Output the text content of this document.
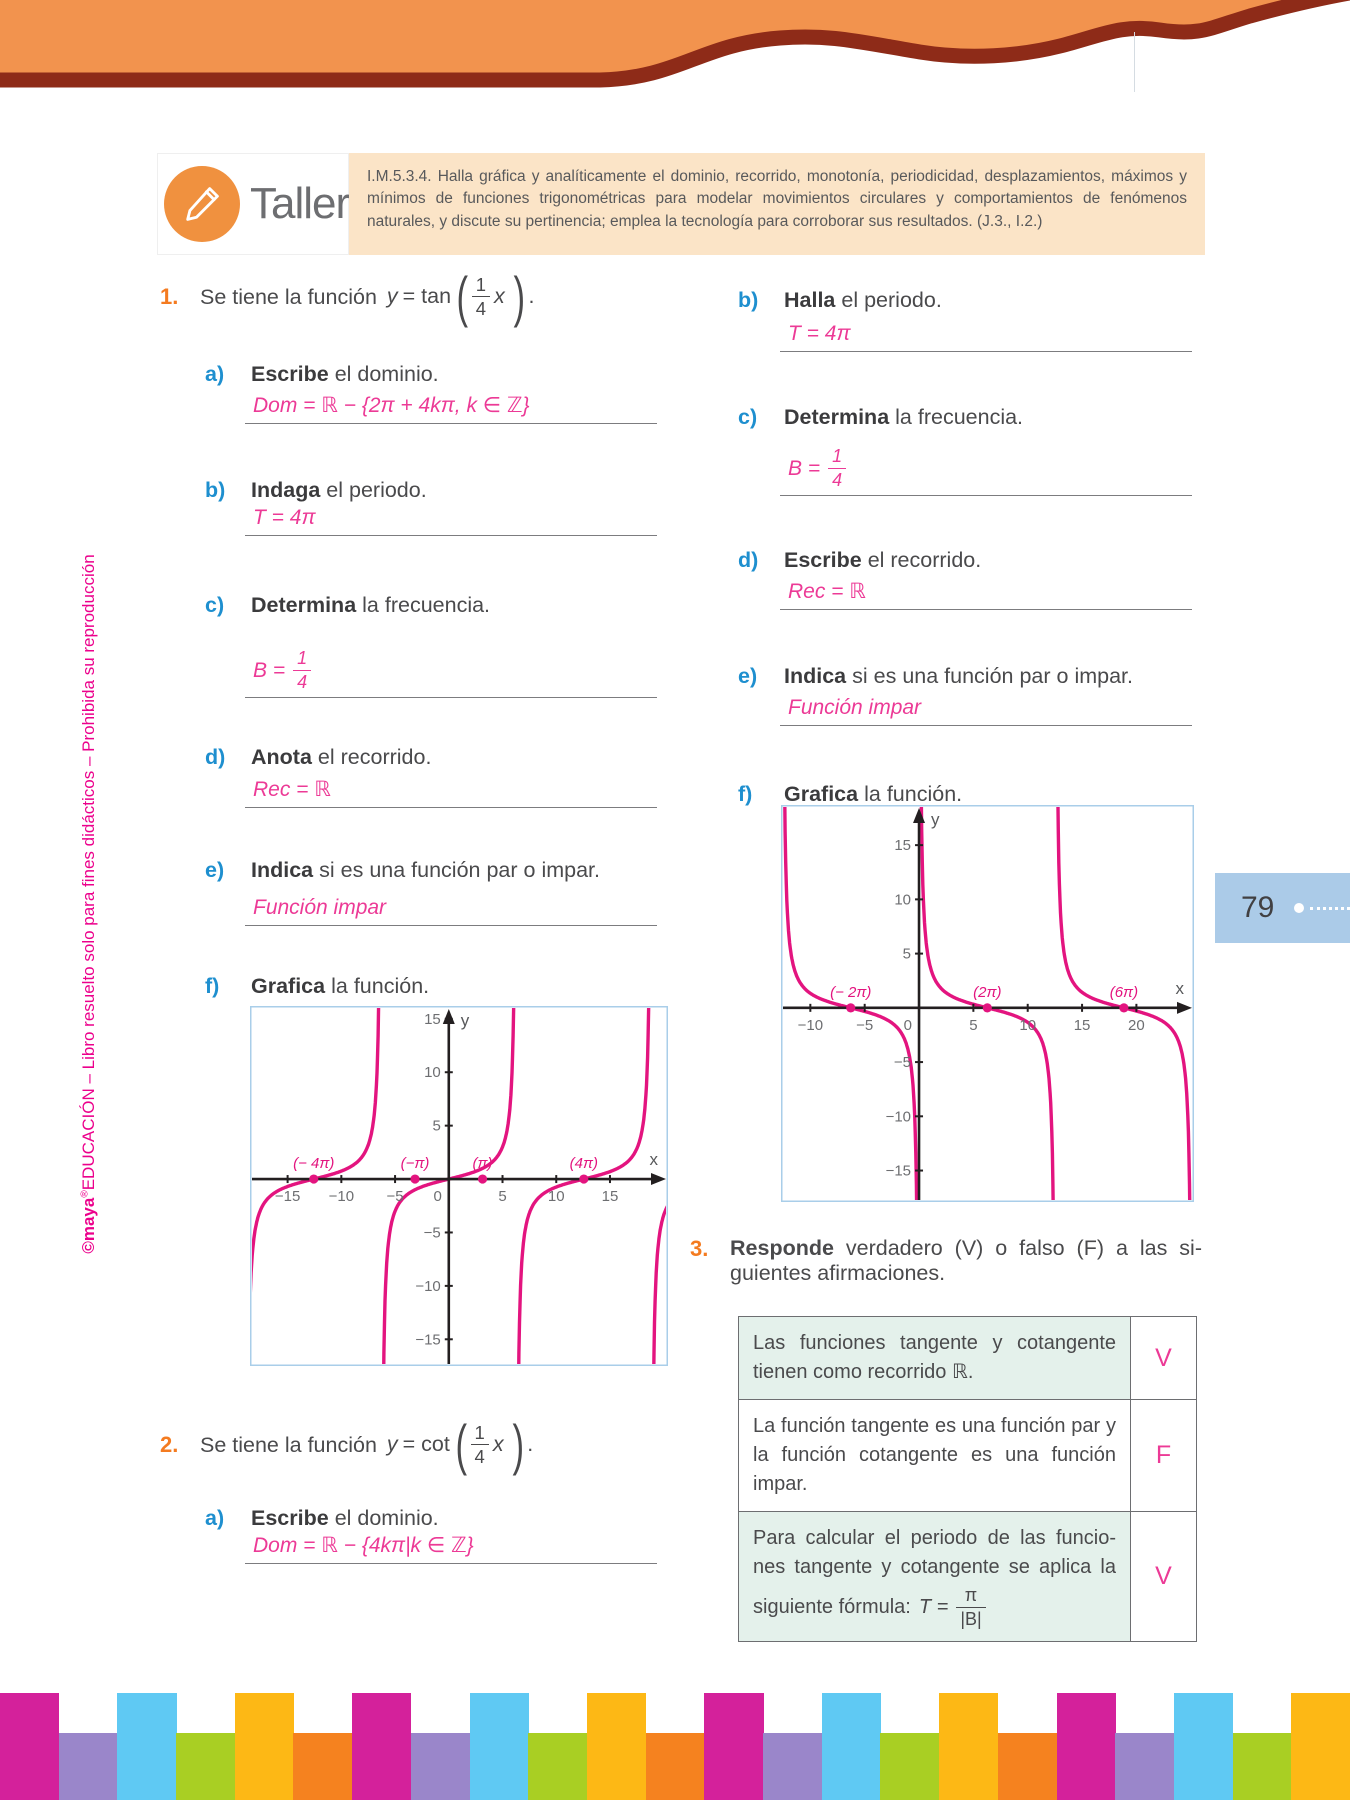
Taller
I.M.5.3.4. Halla gráfica y analíticamente el dominio, recorrido, monotonía, periodicidad, desplazamientos, máximos y mínimos de funciones trigonométricas para modelar movimientos circulares y comportamientos de fenómenos naturales, y discute su pertinencia; emplea la tecnología para corroborar sus resultados. (J.3., I.2.)
©maya®EDUCACIÓN – Libro resuelto solo para fines didácticos – Prohibida su reproducción
1.	Se tiene la función y = tan ( $\frac{1}{4}$ x ) .
a)	Escribe el dominio.
Dom = ℝ − {2π + 4kπ, k ∈ ℤ}
b)	Indaga el periodo.
T = 4π
c)	Determina la frecuencia.
$B = \frac{1}{4}$
d)	Anota el recorrido.
Rec = ℝ
e)	Indica si es una función par o impar.
Función impar
f)	Grafica la función.
y
x
−15 −10 −5 0	5	10 15
−15
−10
−5
5
10
15
(− 4π)	(−π)	(π)	(4π)
2.	Se tiene la función y = cot ( $\frac{1}{4}$ x ) .
a)	Escribe el dominio.
Dom = ℝ − {4kπ|k ∈ ℤ}
b)	Halla el periodo.
T = 4π
c)	Determina la frecuencia.
$B = \frac{1}{4}$
d)	Escribe el recorrido.
Rec = ℝ
e)	Indica si es una función par o impar.
Función impar
f)	Grafica la función.
y
x
−10 −5 0	5	10	15	20
−15
−10
−5
5
10
15
(− 2π)	(2π)	(6π)
3.	Responde verdadero (V) o falso (F) a las si-
guientes afirmaciones.
Las funciones tangente y cotangente tienen como recorrido ℝ.
V
La función tangente es una función par y la función cotangente es una función impar.
F
Para calcular el periodo de las funcio-
nes tangente y cotangente se aplica la
siguiente fórmula: $T = \frac{\pi}{|B|}$
V
79
